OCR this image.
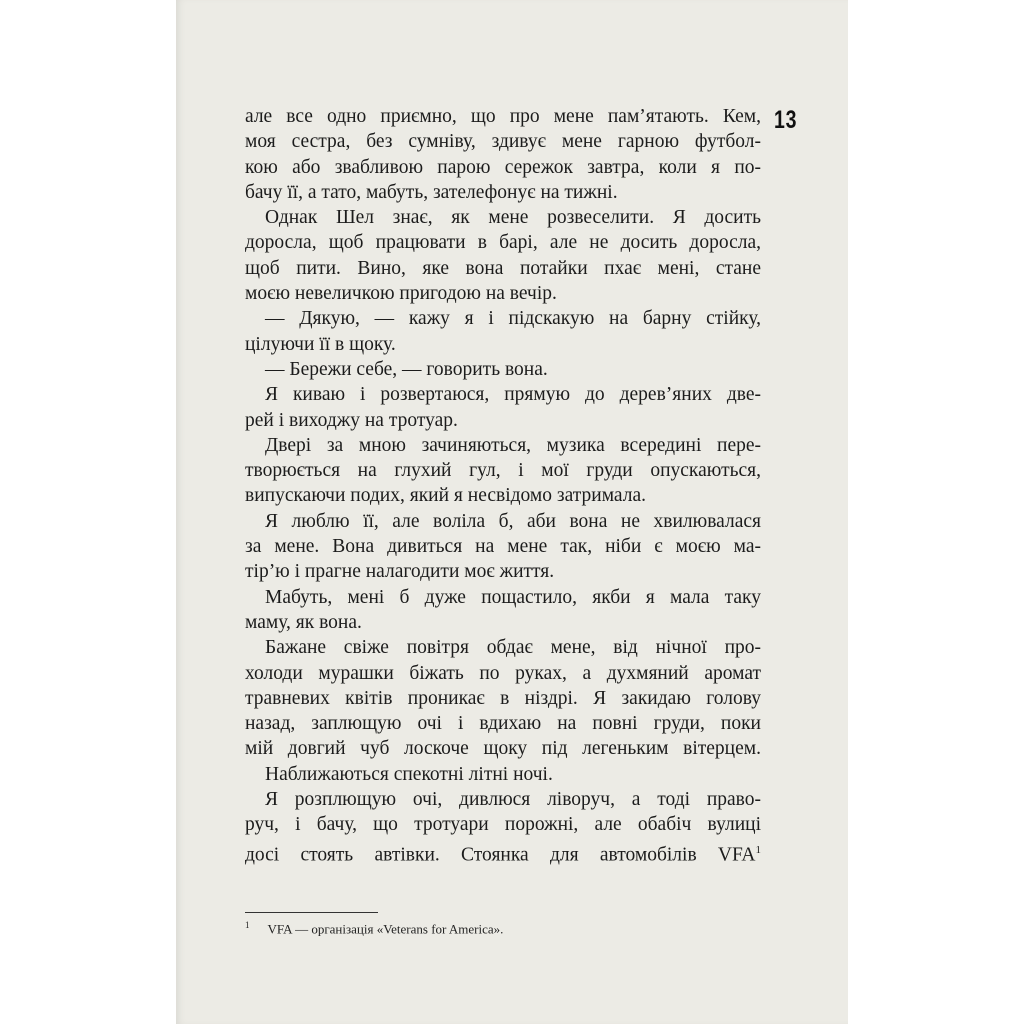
13
але все одно приємно, що про мене пам’ятають. Кем,
моя сестра, без сумніву, здивує мене гарною футбол-
кою або звабливою парою сережок завтра, коли я по-
бачу її, а тато, мабуть, зателефонує на тижні.
Однак Шел знає, як мене розвеселити. Я досить
доросла, щоб працювати в барі, але не досить доросла,
щоб пити. Вино, яке вона потайки пхає мені, стане
моєю невеличкою пригодою на вечір.
— Дякую, — кажу я і підскакую на барну стійку,
цілуючи її в щоку.
— Бережи себе, — говорить вона.
Я киваю і розвертаюся, прямую до дерев’яних две-
рей і виходжу на тротуар.
Двері за мною зачиняються, музика всередині пере-
творюється на глухий гул, і мої груди опускаються,
випускаючи подих, який я несвідомо затримала.
Я люблю її, але воліла б, аби вона не хвилювалася
за мене. Вона дивиться на мене так, ніби є моєю ма-
тір’ю і прагне налагодити моє життя.
Мабуть, мені б дуже пощастило, якби я мала таку
маму, як вона.
Бажане свіже повітря обдає мене, від нічної про-
холоди мурашки біжать по руках, а духмяний аромат
травневих квітів проникає в ніздрі. Я закидаю голову
назад, заплющую очі і вдихаю на повні груди, поки
мій довгий чуб лоскоче щоку під легеньким вітерцем.
Наближаються спекотні літні ночі.
Я розплющую очі, дивлюся ліворуч, а тоді право-
руч, і бачу, що тротуари порожні, але обабіч вулиці
досі стоять автівки. Стоянка для автомобілів VFA$^1$
$^1$ VFA — організація «Veterans for America».
